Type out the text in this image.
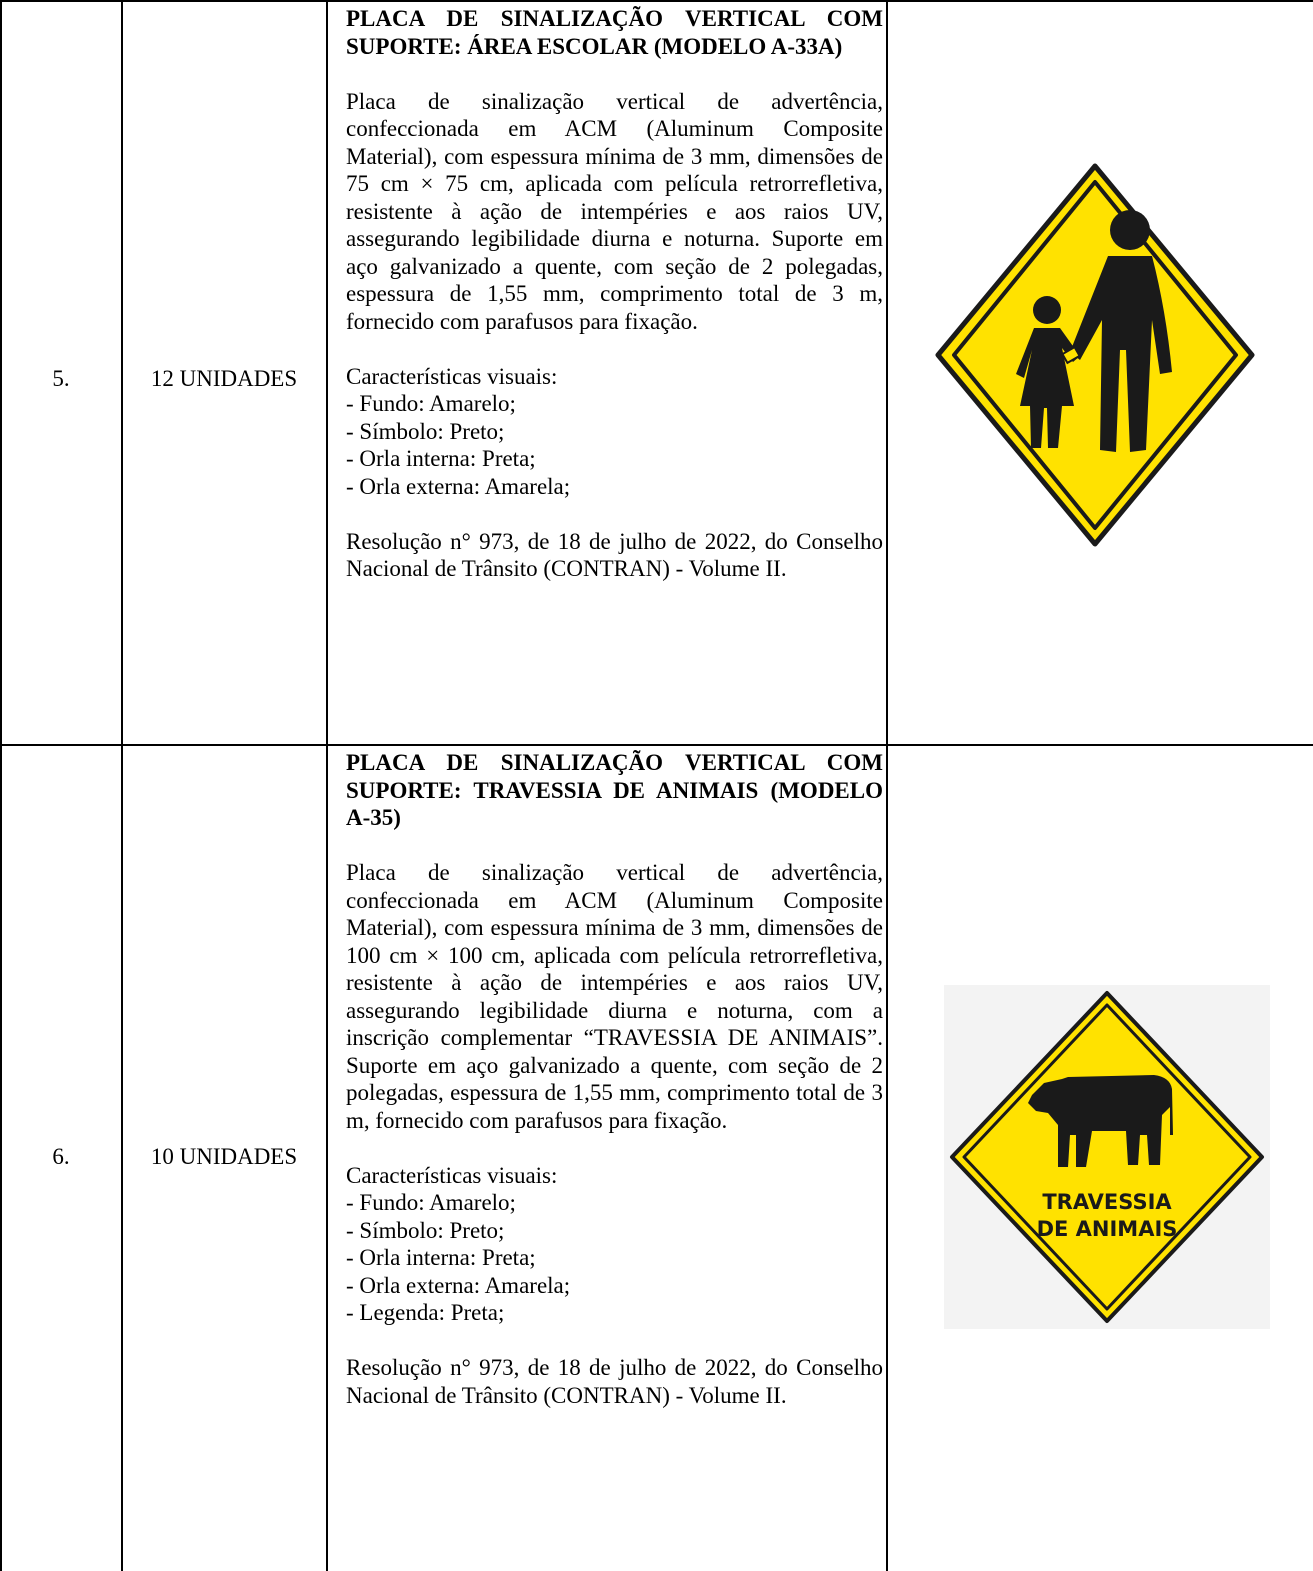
5.	12 UNIDADES
PLACA DE SINALIZAÇÃO VERTICAL COM SUPORTE: ÁREA ESCOLAR (MODELO A-33A)
Placa de sinalização vertical de advertência, confeccionada em ACM (Aluminum Composite Material), com espessura mínima de 3 mm, dimensões de 75 cm × 75 cm, aplicada com película retrorrefletiva, resistente à ação de intempéries e aos raios UV, assegurando legibilidade diurna e noturna. Suporte em aço galvanizado a quente, com seção de 2 polegadas, espessura de 1,55 mm, comprimento total de 3 m, fornecido com parafusos para fixação.
Características visuais:
- Fundo: Amarelo;
- Símbolo: Preto;
- Orla interna: Preta;
- Orla externa: Amarela;
Resolução n° 973, de 18 de julho de 2022, do Conselho Nacional de Trânsito (CONTRAN) - Volume II.
6.	10 UNIDADES
PLACA DE SINALIZAÇÃO VERTICAL COM SUPORTE: TRAVESSIA DE ANIMAIS (MODELO A-35)
Placa de sinalização vertical de advertência, confeccionada em ACM (Aluminum Composite Material), com espessura mínima de 3 mm, dimensões de 100 cm × 100 cm, aplicada com película retrorrefletiva, resistente à ação de intempéries e aos raios UV, assegurando legibilidade diurna e noturna, com a inscrição complementar “TRAVESSIA DE ANIMAIS”. Suporte em aço galvanizado a quente, com seção de 2 polegadas, espessura de 1,55 mm, comprimento total de 3 m, fornecido com parafusos para fixação.
Características visuais:
- Fundo: Amarelo;
- Símbolo: Preto;
- Orla interna: Preta;
- Orla externa: Amarela;
- Legenda: Preta;
Resolução n° 973, de 18 de julho de 2022, do Conselho Nacional de Trânsito (CONTRAN) - Volume II.
TRAVESSIA
DE ANIMAIS
